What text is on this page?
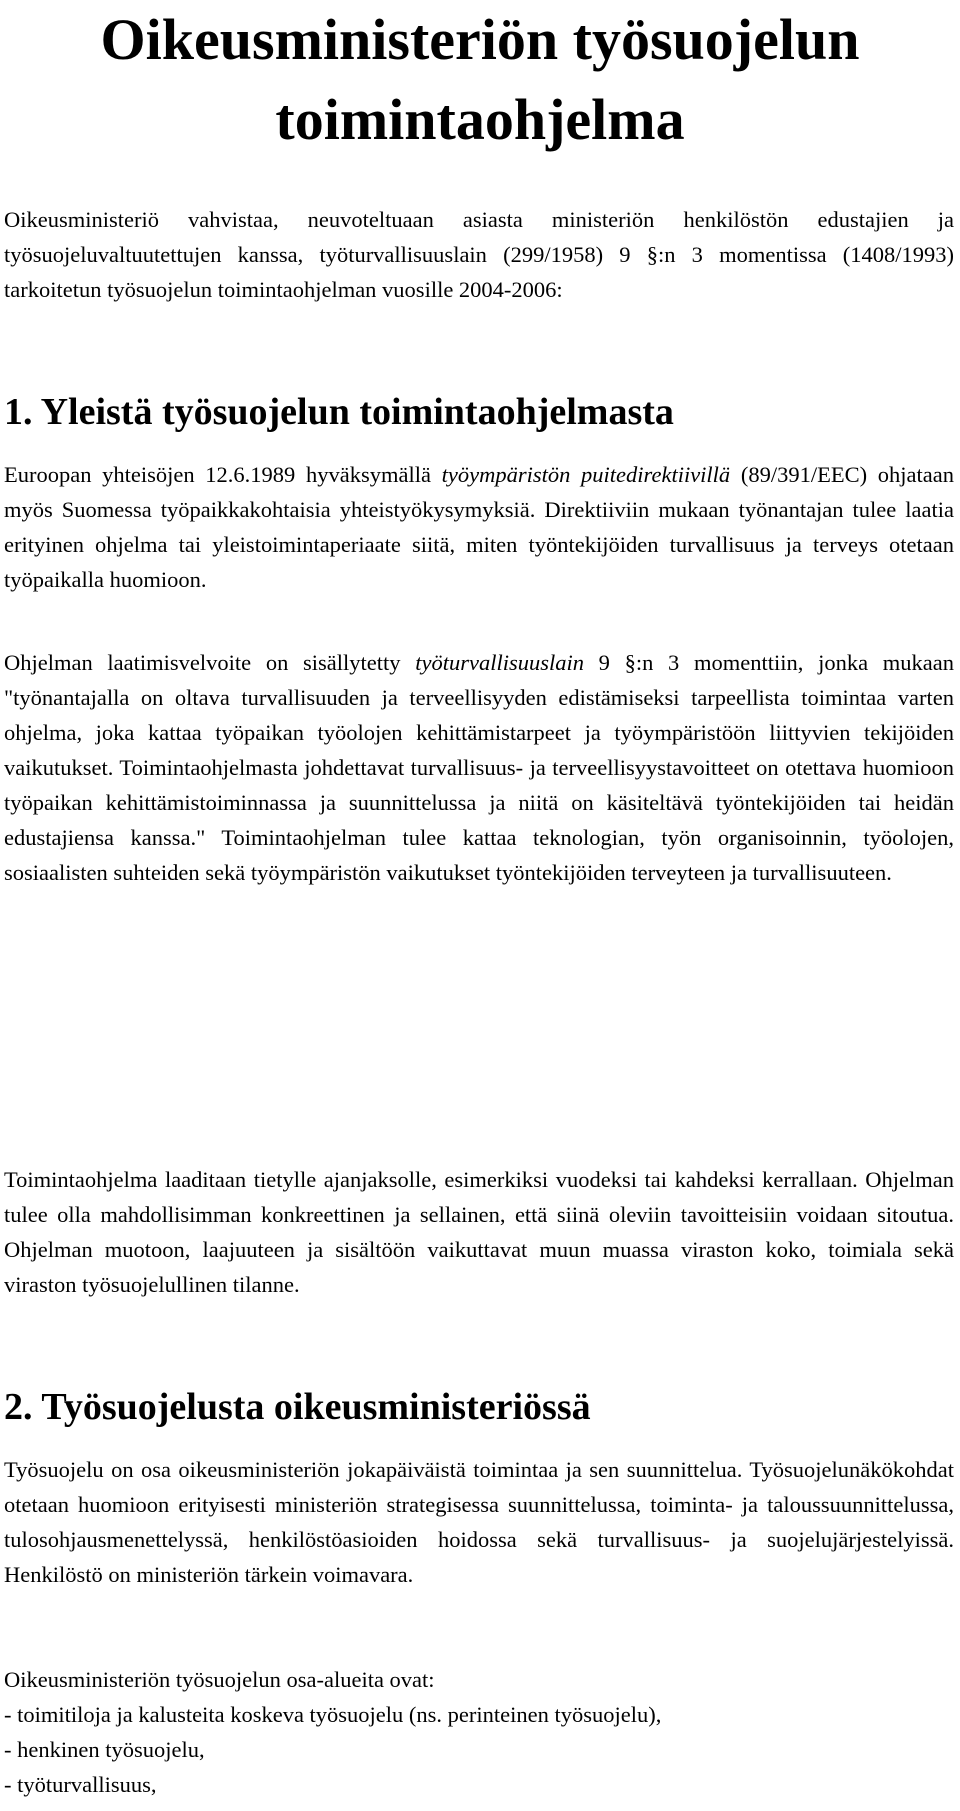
Oikeusministeriön työsuojelun
toimintaohjelma

Oikeusministeriö vahvistaa, neuvoteltuaan asiasta ministeriön henkilöstön edustajien ja työsuojeluvaltuutettujen kanssa, työturvallisuuslain (299/1958) 9 §:n 3 momentissa (1408/1993) tarkoitetun työsuojelun toimintaohjelman vuosille 2004-2006:

1. Yleistä työsuojelun toimintaohjelmasta

Euroopan yhteisöjen 12.6.1989 hyväksymällä työympäristön puitedirektiivillä (89/391/EEC) ohjataan myös Suomessa työpaikkakohtaisia yhteistyökysymyksiä. Direktiiviin mukaan työnantajan tulee laatia erityinen ohjelma tai yleistoimintaperiaate siitä, miten työntekijöiden turvallisuus ja terveys otetaan työpaikalla huomioon.

Ohjelman laatimisvelvoite on sisällytetty työturvallisuuslain 9 §:n 3 momenttiin, jonka mukaan "työnantajalla on oltava turvallisuuden ja terveellisyyden edistämiseksi tarpeellista toimintaa varten ohjelma, joka kattaa työpaikan työolojen kehittämistarpeet ja työympäristöön liittyvien tekijöiden vaikutukset. Toimintaohjelmasta johdettavat turvallisuus- ja terveellisyystavoitteet on otettava huomioon työpaikan kehittämistoiminnassa ja suunnittelussa ja niitä on käsiteltävä työntekijöiden tai heidän edustajiensa kanssa." Toimintaohjelman tulee kattaa teknologian, työn organisoinnin, työolojen, sosiaalisten suhteiden sekä työympäristön vaikutukset työntekijöiden terveyteen ja turvallisuuteen.

Toimintaohjelma laaditaan tietylle ajanjaksolle, esimerkiksi vuodeksi tai kahdeksi kerrallaan. Ohjelman tulee olla mahdollisimman konkreettinen ja sellainen, että siinä oleviin tavoitteisiin voidaan sitoutua. Ohjelman muotoon, laajuuteen ja sisältöön vaikuttavat muun muassa viraston koko, toimiala sekä viraston työsuojelullinen tilanne.

2. Työsuojelusta oikeusministeriössä

Työsuojelu on osa oikeusministeriön jokapäiväistä toimintaa ja sen suunnittelua. Työsuojelunäkökohdat otetaan huomioon erityisesti ministeriön strategisessa suunnittelussa, toiminta- ja taloussuunnittelussa, tulosohjausmenettelyssä, henkilöstöasioiden hoidossa sekä turvallisuus- ja suojelujärjestelyissä. Henkilöstö on ministeriön tärkein voimavara.

Oikeusministeriön työsuojelun osa-alueita ovat:

- toimitiloja ja kalusteita koskeva työsuojelu (ns. perinteinen työsuojelu),
- henkinen työsuojelu,
- työturvallisuus,
